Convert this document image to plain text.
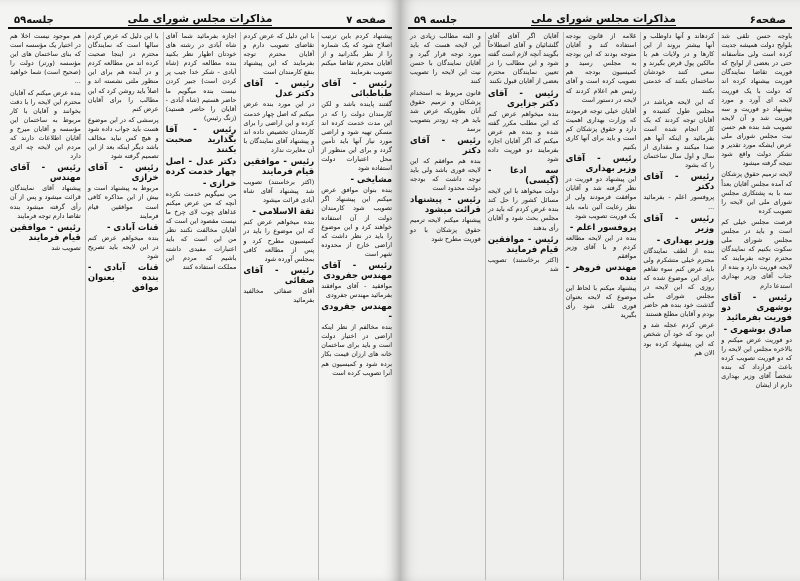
صفحه ۷
مذاکرات مجلس شورای ملی
جلسه۵۹

پیشنهاد کردم باین ترتیب اصلاح شود که یک شماره را از نظر بگذرانید و از آقایان محترم تقاضا میکنم تصویب بفرمایند

رئیس - آقای طباطبائی

گفتند پاینده باشد و لکن کارمندان دولت را که در این مدت خدمت کرده اند مسکن تهیه شود و اراضی مورد نیاز آنها باید تأمین گردد و برای این منظور از محل اعتبارات دولت استفاده شود

مشایخی -

بنده بنوان موافق عرض میکنم این پیشنهاد اگر تصویب شود کارمندان دولت از آن استفاده خواهند کرد و این موضوع را باید در نظر داشت که اراضی خارج از محدوده شهر است

رئیس - آقای مهندس جفرودی

موافقید - آقای موافقند بفرمائید مهندس جفرودی

مهندس جفرودی -

بنده مخالفم از نظر اینکه اراضی در اختیار دولت است و باید برای ساختمان خانه های ارزان قیمت بکار برده شود و کمیسیون هم آنرا تصویب کرده است

با این دلیل که عرض کردم تقاضای تصویب دارم و آقایان محترم توجه بفرمایند که این پیشنهاد بنفع کارمندان است

رئیس - آقای دکتر عدل

در این مورد بنده عرض میکنم که اصل چهار خدمت کرده و این اراضی را برای کارمندان تخصیص داده اند و پیشنهاد آقای نمایندگان با آن مغایرت ندارد

رئیس - موافقین قیام فرمایند

(اکثر برخاستند) تصویب شد پیشنهاد آقای شاه آبادی قرائت میشود

ثقة الاسلامی -

بنده میخواهم عرض کنم که این موضوع را باید در کمیسیون مطرح کرد و پس از مطالعه کافی بمجلس آورده شود

رئیس - آقای صفائی

آقای صفائی مخالفید بفرمائید

اجازه بفرمائید شما آقای شاه آبادی در رشته های خودتان اظهار نظر بکنید بنده مطالعه کردم (شاه آبادی - شکر خدا جیب پر کردن است) جبیر کردن نیست بنده میگویم ما حاضر هستیم (شاه آبادی - آقایان را حاضر هستید) (زنگ رئیس)

رئیس - آقا بگذارید صحبت بکنند
دکتر عدل - اصل چهار خدمت کرده
خرازی -

من نمیگویم خدمت نکرده آنچه که من عرض میکنم غذاهای چوب لای چرخ ما نیست مقصود این است که آقایان مخالفت نکنند نظر من این است که باید اعتبارات مفیدی داشته باشیم که مردم این مملکت استفاده کنند

با این دلیل که عرض کردم سالها است که نمایندگان محترم در اینجا صحبت کرده اند من مطالعه کردم و در آینده هم برای این منظور ملتی نشسته اند و اصلاً باید روشن کرد که این مطالب را برای آقایان عرض کنم

پرسشی که در این موضوع هست باید جواب داده شود و هیچ کس نباید مخالف باشد دیگر اینکه بعد از این تصمیم گرفته شود

رئیس - آقای خرازی

مربوط به پیشنهاد است و بیش از این مذاکره کافی است موافقین قیام فرمایند

قنات آبادی -

بنده میخواهم عرض کنم در این لایحه باید تصریح شود

قنات آبادی - بنده بعنوان موافق

هم موجود نیست اخلا هم در اختیار یک مؤسسه است که بنای ساختمان های این مؤسسه (ورتر) دولت را (صحیح است) شما خواهید ...

بنده عرض میکنم که آقایان محترم این لایحه را با دقت بخوانند و آقایان با کار مربوط به ساختمان این مؤسسه و آقایان میرخ و آقایان اطلاعات دارند که مردم این لایحه چه اثری دارد

رئیس - آقای مهندس

پیشنهاد آقای نمایندگان قرائت میشود و پس از آن رأی گرفته میشود بنده تقاضا دارم توجه فرمایند

رئیس - موافقین قیام فرمایند

تصویب شد

صفحه۶
مذاکرات مجلس شورای ملی
جلسه ۵۹

باوجه حسن تلقی شد بلوایح دولت همیشه جدیت کرده است ولی متأسفانه حتی در بعضی از لوایح که فوریت تقاضا نمایندگان فوریت بیشنهاد کرده اند که دولت با یک فوریت لایحه ای آورد و مورد پیشنهاد دو فوریت و سه فوریت شد و آن لایحه تصویب شد بنده هم حسن نیت مجلس شورای ملی عرض ایشکه مورد تقدیر و تشکر دولت واقع شود نتیجه گرفته میشود

لایحه ترمیم حقوق پزشکان که آمده مجلس آقایان بعداً سه با به پشتکاری مجلس شورای ملی این لایحه را تصویب کرده

فرصت مجلس خیلی کم است و باید در مجلس مجلس شورای ملی سکوت بکنیم که نمایندگان محترم توجه بفرمایند که لایحه فوریت دارد و بنده از جناب آقای وزیر بهداری استدعا دارم

رئیس - آقای بوشهری دو فوریت بفرمائید
صادق بوشهری -

دو فوریت عرض میکنم و بالاخره مجلس این لایحه را که دو فوریت تصویب کرده باعث فرارداد که بنده شخصاً آقای وزیر بهداری دارم از ایشان

کردهاند و آنها داوطلب و آنها بیشتر بروند از این کارها و در ولایات هم با مالکین پول قرض بگیرند و سعی کنند خودشان ساختمان بکنند که خدمتی بکنند

که این لایحه هرباشد در مجلس طول کشیده و آقایان توجه کردند که یک کار انجام شده است بفرمائید و اینکه آنها هم صدا میکنند و مقداری از سال و اول سال ساختمان را که بشود

رئیس - آقای دکتر

پروفسور اعلم - بفرمائید ...

رئیس - آقای وزیر
وزیر بهداری -

بنده از لطف نمایندگان محترم خیلی متشکرم ولی باید عرض کنم سوء تفاهم برای این موضوع شده که روزی که این لایحه در مجلس شورای ملی گذشت خود بنده هم حاضر بودم و آقایان مطلع هستند

عرض کردم عجله شد و این بود که خود آن شخص که این پیشنهاد کرده بود الان هم

غلامه از قانون بودجه استفاده کند و آقایان متوجه بودند که این بودجه به مجلس رسید و کمیسیون بودجه هم تصویب کرده است و آقای رئیس هم اعلام کردند که لایحه در دستور است

آقایان خیلی توجه فرمودند که وزارت بهداری اهمیت دارد و حقوق پزشکان کم است و باید برای آنها کاری بکنیم

رئیس - آقای وزیر بهداری

این پیشنهاد دو فوریت در نظر گرفته شد و آقایان موافقت فرمودند ولی از نظر رعایت آئین نامه باید یک فوریت تصویب شود

پروفسور اعلم -

بنده در این لایحه مطالعه کردم و با آقای وزیر موافقم

مهندس فروهر - بنده

پیشنهاد میکنم با لحاظ این موضوع که لایحه بعنوان فوری تلقی شود رأی بگیرید

آقایان اگر آقای آقای گلشائیان و آقای اصطلاحاً بگویند آنچه لازم است گفته شود و این مطالب را در تعیین نمایندگان محترم بعضی از آقایان قبول نکنند

رئیس - آقای دکتر جزایری

بنده میخواهم عرض کنم که این مطلب مکرر گفته شده و بنده هم عرض میکنم که اگر آقایان اجازه بفرمایند دو فوریت داده شود

سه ادعا - (گیسی)

دولت میخواهد با این لایحه مسائل کشور را حل کند بنده عرض کردم که باید در مجلس بحث شود و آقایان رأی بدهند

رئیس - موافقین قیام فرمایند

(اکثر برخاستند) تصویب شد

و البته مطالب زیادی در این لایحه هست که باید مورد توجه قرار گیرد و آقایان نمایندگان با حسن نیت این لایحه را تصویب کنند

قانون مربوط به استخدام پزشکان و ترمیم حقوق آنان بطوریکه عرض شد باید هر چه زودتر بتصویب برسد

رئیس - آقای دکتر

بنده هم موافقم که این لایحه فوری باشد ولی باید توجه داشت که بودجه دولت محدود است

رئیس - پیشنهاد قرائت میشود

پیشنهاد میکنم لایحه ترمیم حقوق پزشکان با دو فوریت مطرح شود
